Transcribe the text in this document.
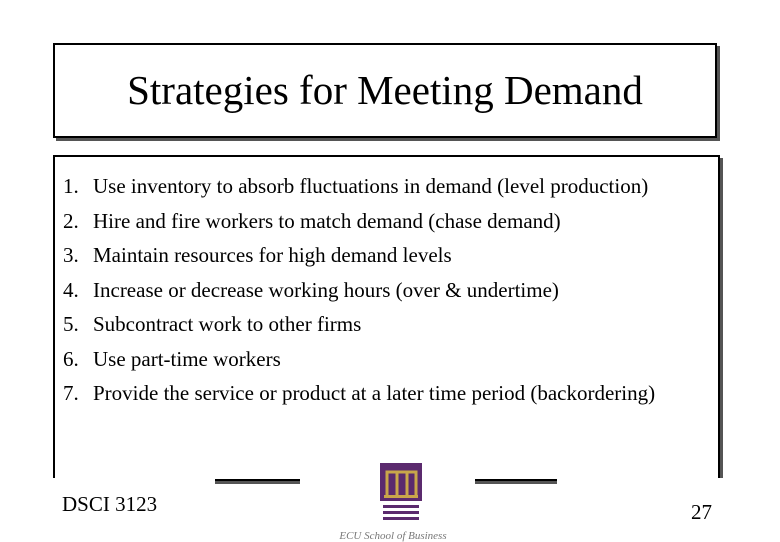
Strategies for Meeting Demand
1. Use inventory to absorb fluctuations in demand (level production)
2. Hire and fire workers to match demand (chase demand)
3. Maintain resources for high demand levels
4. Increase or decrease working hours (over & undertime)
5. Subcontract work to other firms
6. Use part-time workers
7. Provide the service or product at a later time period (backordering)
DSCI 3123
ECU School of Business
27
